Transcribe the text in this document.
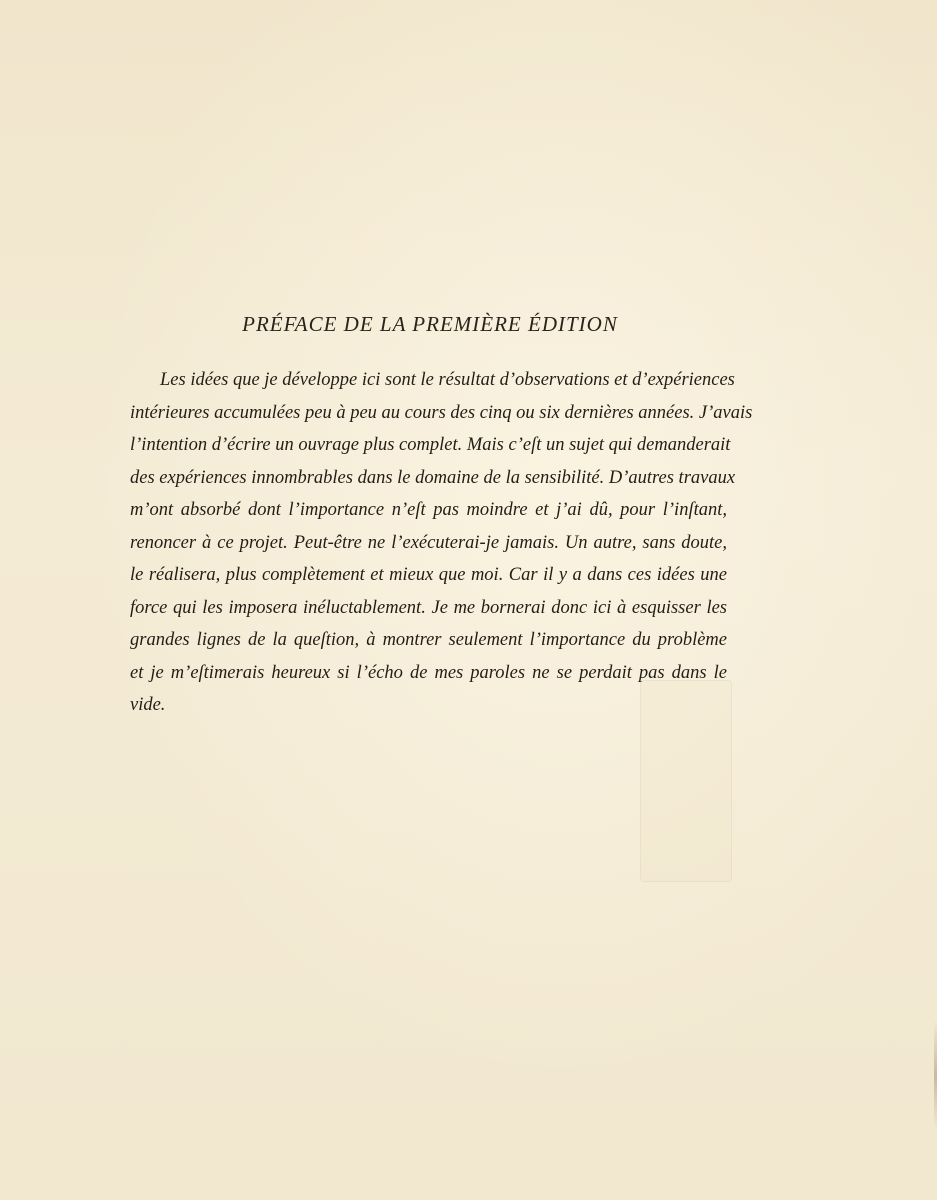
PRÉFACE DE LA PREMIÈRE ÉDITION

Les idées que je développe ici sont le résultat d’observations et d’expériences
intérieures accumulées peu à peu au cours des cinq ou six dernières années. J’avais
l’intention d’écrire un ouvrage plus complet. Mais c’eſt un sujet qui demanderait
des expériences innombrables dans le domaine de la sensibilité. D’autres travaux
m’ont absorbé dont l’importance n’eſt pas moindre et j’ai dû, pour l’inſtant,
renoncer à ce projet. Peut-être ne l’exécuterai-je jamais. Un autre, sans doute,
le réalisera, plus complètement et mieux que moi. Car il y a dans ces idées une
force qui les imposera inéluctablement. Je me bornerai donc ici à esquisser les
grandes lignes de la queſtion, à montrer seulement l’importance du problème
et je m’eſtimerais heureux si l’écho de mes paroles ne se perdait pas dans le
vide.
